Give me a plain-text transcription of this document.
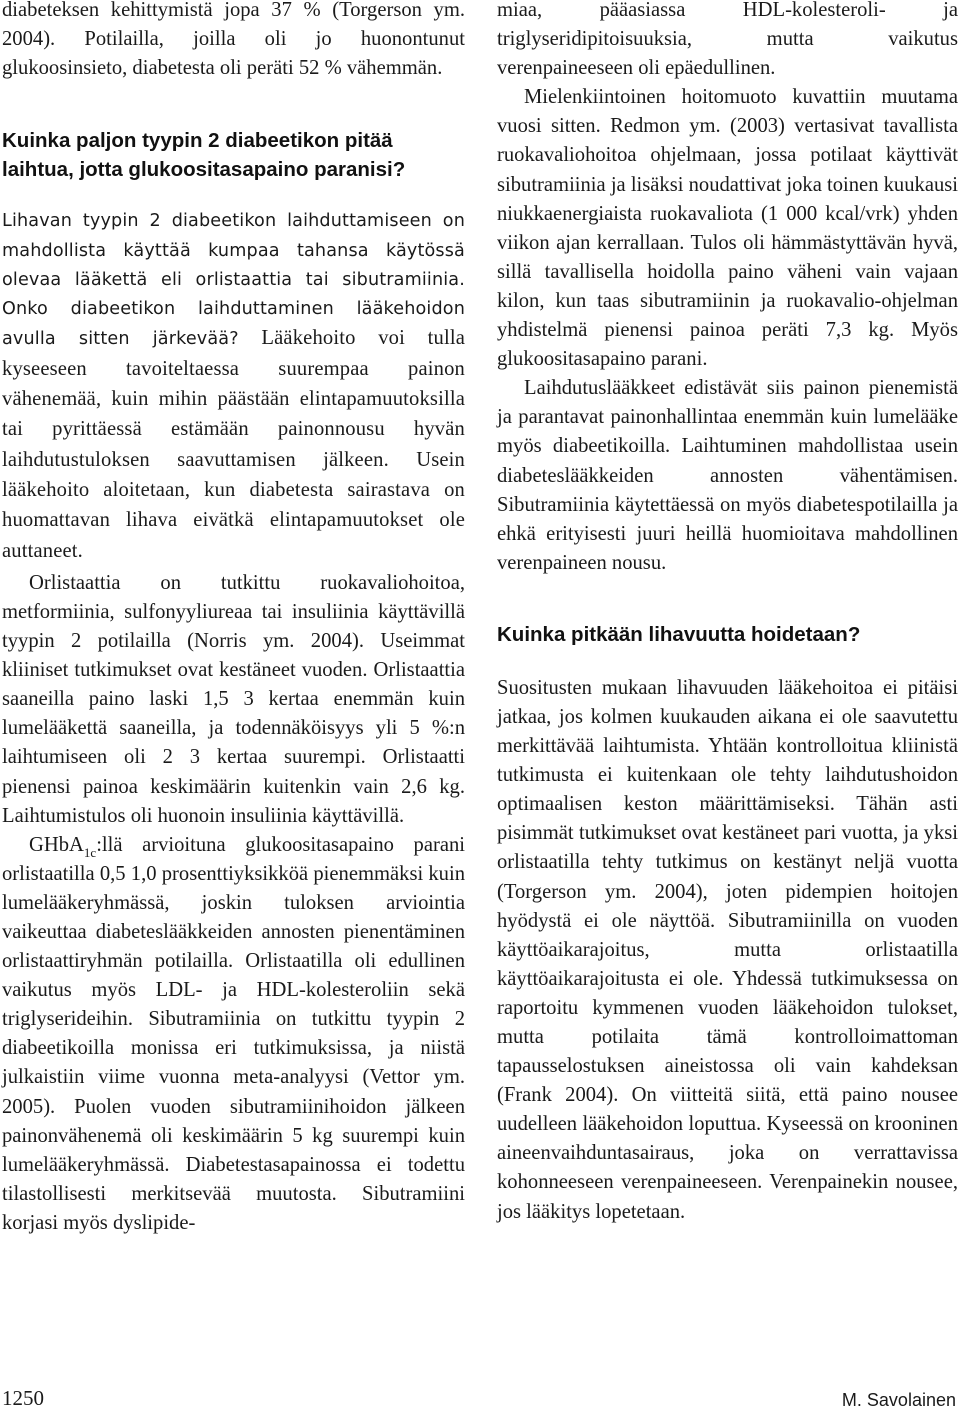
diabeteksen kehittymistä jopa 37 % (Torgerson ym. 2004). Potilailla, joilla oli jo huonontunut glukoosinsieto, diabetesta oli peräti 52 % vähemmän.

Kuinka paljon tyypin 2 diabeetikon pitää laihtua, jotta glukoositasapaino paranisi?

Lihavan tyypin 2 diabeetikon laihduttamiseen on mahdollista käyttää kumpaa tahansa käytössä olevaa lääkettä eli orlistaattia tai sibutramiinia. Onko diabeetikon laihduttaminen lääkehoidon avulla sitten järkevää? Lääkehoito voi tulla kyseeseen tavoiteltaessa suurempaa painon vähenemää, kuin mihin päästään elintapamuutoksilla tai pyrittäessä estämään painonnousu hyvän laihdutustuloksen saavuttamisen jälkeen. Usein lääkehoito aloitetaan, kun diabetesta sairastava on huomattavan lihava eivätkä elintapamuutokset ole auttaneet.

Orlistaattia on tutkittu ruokavaliohoitoa, metformiinia, sulfonyyliureaa tai insuliinia käyttävillä tyypin 2 potilailla (Norris ym. 2004). Useimmat kliiniset tutkimukset ovat kestäneet vuoden. Orlistaattia saaneilla paino laski 1,5 3 kertaa enemmän kuin lumelääkettä saaneilla, ja todennäköisyys yli 5 %:n laihtumiseen oli 2 3 kertaa suurempi. Orlistaatti pienensi painoa keskimäärin kuitenkin vain 2,6 kg. Laihtumistulos oli huonoin insuliinia käyttävillä.

GHbA$_{1c}$:llä arvioituna glukoositasapaino parani orlistaatilla 0,5 1,0 prosenttiyksikköä pienemmäksi kuin lumelääkeryhmässä, joskin tuloksen arviointia vaikeuttaa diabeteslääkkeiden annosten pienentäminen orlistaattiryhmän potilailla. Orlistaatilla oli edullinen vaikutus myös LDL- ja HDL-kolesteroliin sekä triglyserideihin. Sibutramiinia on tutkittu tyypin 2 diabeetikoilla monissa eri tutkimuksissa, ja niistä julkaistiin viime vuonna meta-analyysi (Vettor ym. 2005). Puolen vuoden sibutramiinihoidon jälkeen painonvähenemä oli keskimäärin 5 kg suurempi kuin lumelääkeryhmässä. Diabetestasapainossa ei todettu tilastollisesti merkitsevää muutosta. Sibutramiini korjasi myös dyslipide-

miaa, pääasiassa HDL-kolesteroli- ja triglyseridipitoisuuksia, mutta vaikutus verenpaineeseen oli epäedullinen.

Mielenkiintoinen hoitomuoto kuvattiin muutama vuosi sitten. Redmon ym. (2003) vertasivat tavallista ruokavaliohoitoa ohjelmaan, jossa potilaat käyttivät sibutramiinia ja lisäksi noudattivat joka toinen kuukausi niukkaenergiaista ruokavaliota (1 000 kcal/vrk) yhden viikon ajan kerrallaan. Tulos oli hämmästyttävän hyvä, sillä tavallisella hoidolla paino väheni vain vajaan kilon, kun taas sibutramiinin ja ruokavalio-ohjelman yhdistelmä pienensi painoa peräti 7,3 kg. Myös glukoositasapaino parani.

Laihdutuslääkkeet edistävät siis painon pienemistä ja parantavat painonhallintaa enemmän kuin lumelääke myös diabeetikoilla. Laihtuminen mahdollistaa usein diabeteslääkkeiden annosten vähentämisen. Sibutramiinia käytettäessä on myös diabetespotilailla ja ehkä erityisesti juuri heillä huomioitava mahdollinen verenpaineen nousu.

Kuinka pitkään lihavuutta hoidetaan?

Suositusten mukaan lihavuuden lääkehoitoa ei pitäisi jatkaa, jos kolmen kuukauden aikana ei ole saavutettu merkittävää laihtumista. Yhtään kontrolloitua kliinistä tutkimusta ei kuitenkaan ole tehty laihdutushoidon optimaalisen keston määrittämiseksi. Tähän asti pisimmät tutkimukset ovat kestäneet pari vuotta, ja yksi orlistaatilla tehty tutkimus on kestänyt neljä vuotta (Torgerson ym. 2004), joten pidempien hoitojen hyödystä ei ole näyttöä. Sibutramiinilla on vuoden käyttöaikarajoitus, mutta orlistaatilla käyttöaikarajoitusta ei ole. Yhdessä tutkimuksessa on raportoitu kymmenen vuoden lääkehoidon tulokset, mutta potilaita tämä kontrolloimattoman tapausselostuksen aineistossa oli vain kahdeksan (Frank 2004). On viitteitä siitä, että paino nousee uudelleen lääkehoidon loputtua. Kyseessä on krooninen aineenvaihduntasairaus, joka on verrattavissa kohonneeseen verenpaineeseen. Verenpainekin nousee, jos lääkitys lopetetaan.

1250	M. Savolainen
